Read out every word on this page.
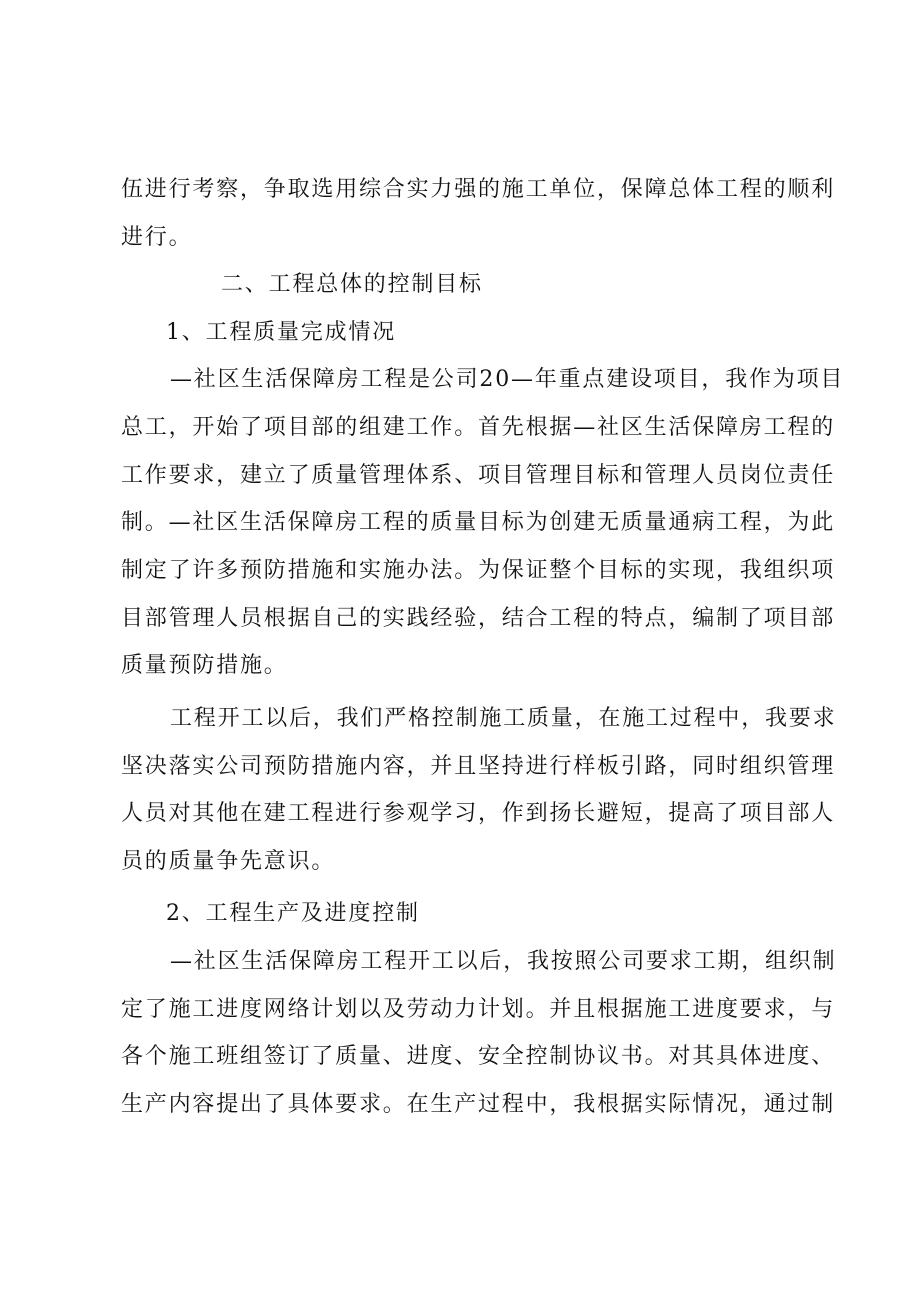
伍进行考察，争取选用综合实力强的施工单位，保障总体工程的顺利
进行。
二、工程总体的控制目标
1、工程质量完成情况
—社区生活保障房工程是公司20—年重点建设项目，我作为项目
总工，开始了项目部的组建工作。首先根据—社区生活保障房工程的
工作要求，建立了质量管理体系、项目管理目标和管理人员岗位责任
制。—社区生活保障房工程的质量目标为创建无质量通病工程，为此
制定了许多预防措施和实施办法。为保证整个目标的实现，我组织项
目部管理人员根据自己的实践经验，结合工程的特点，编制了项目部
质量预防措施。
工程开工以后，我们严格控制施工质量，在施工过程中，我要求
坚决落实公司预防措施内容，并且坚持进行样板引路，同时组织管理
人员对其他在建工程进行参观学习，作到扬长避短，提高了项目部人
员的质量争先意识。
2、工程生产及进度控制
—社区生活保障房工程开工以后，我按照公司要求工期，组织制
定了施工进度网络计划以及劳动力计划。并且根据施工进度要求，与
各个施工班组签订了质量、进度、安全控制协议书。对其具体进度、
生产内容提出了具体要求。在生产过程中，我根据实际情况，通过制
